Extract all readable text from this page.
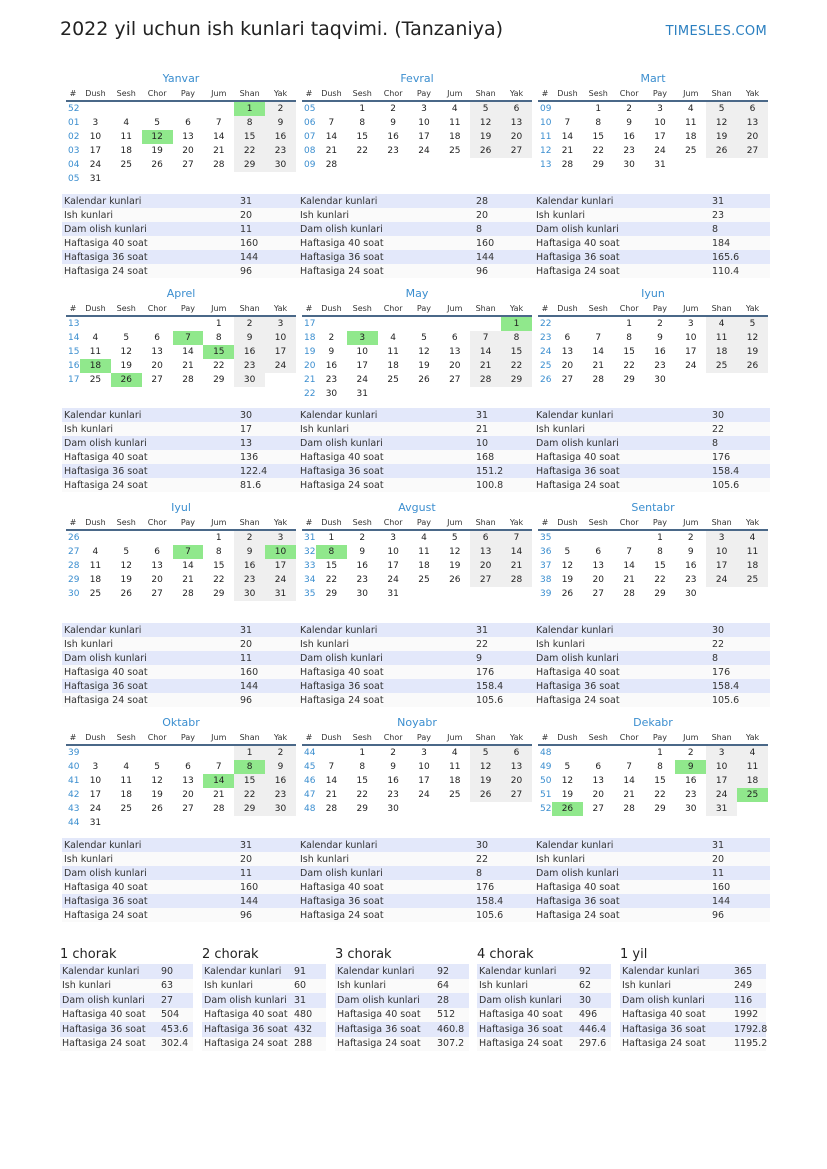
2022 yil uchun ish kunlari taqvimi. (Tanzaniya)	TIMESLES.COM
Yanvar
#	Dush	Sesh	Chor	Pay	Jum	Shan	Yak
52						1	2
01	3	4	5	6	7	8	9
02	10	11	12	13	14	15	16
03	17	18	19	20	21	22	23
04	24	25	26	27	28	29	30
05	31						
Kalendar kunlari	31
Ish kunlari	20
Dam olish kunlari	11
Haftasiga 40 soat	160
Haftasiga 36 soat	144
Haftasiga 24 soat	96
Fevral
#	Dush	Sesh	Chor	Pay	Jum	Shan	Yak
05		1	2	3	4	5	6
06	7	8	9	10	11	12	13
07	14	15	16	17	18	19	20
08	21	22	23	24	25	26	27
09	28						
Kalendar kunlari	28
Ish kunlari	20
Dam olish kunlari	8
Haftasiga 40 soat	160
Haftasiga 36 soat	144
Haftasiga 24 soat	96
Mart
#	Dush	Sesh	Chor	Pay	Jum	Shan	Yak
09		1	2	3	4	5	6
10	7	8	9	10	11	12	13
11	14	15	16	17	18	19	20
12	21	22	23	24	25	26	27
13	28	29	30	31			
Kalendar kunlari	31
Ish kunlari	23
Dam olish kunlari	8
Haftasiga 40 soat	184
Haftasiga 36 soat	165.6
Haftasiga 24 soat	110.4
Aprel
#	Dush	Sesh	Chor	Pay	Jum	Shan	Yak
13					1	2	3
14	4	5	6	7	8	9	10
15	11	12	13	14	15	16	17
16	18	19	20	21	22	23	24
17	25	26	27	28	29	30	
Kalendar kunlari	30
Ish kunlari	17
Dam olish kunlari	13
Haftasiga 40 soat	136
Haftasiga 36 soat	122.4
Haftasiga 24 soat	81.6
May
#	Dush	Sesh	Chor	Pay	Jum	Shan	Yak
17							1
18	2	3	4	5	6	7	8
19	9	10	11	12	13	14	15
20	16	17	18	19	20	21	22
21	23	24	25	26	27	28	29
22	30	31					
Kalendar kunlari	31
Ish kunlari	21
Dam olish kunlari	10
Haftasiga 40 soat	168
Haftasiga 36 soat	151.2
Haftasiga 24 soat	100.8
Iyun
#	Dush	Sesh	Chor	Pay	Jum	Shan	Yak
22			1	2	3	4	5
23	6	7	8	9	10	11	12
24	13	14	15	16	17	18	19
25	20	21	22	23	24	25	26
26	27	28	29	30			
Kalendar kunlari	30
Ish kunlari	22
Dam olish kunlari	8
Haftasiga 40 soat	176
Haftasiga 36 soat	158.4
Haftasiga 24 soat	105.6
Iyul
#	Dush	Sesh	Chor	Pay	Jum	Shan	Yak
26					1	2	3
27	4	5	6	7	8	9	10
28	11	12	13	14	15	16	17
29	18	19	20	21	22	23	24
30	25	26	27	28	29	30	31
Kalendar kunlari	31
Ish kunlari	20
Dam olish kunlari	11
Haftasiga 40 soat	160
Haftasiga 36 soat	144
Haftasiga 24 soat	96
Avgust
#	Dush	Sesh	Chor	Pay	Jum	Shan	Yak
31	1	2	3	4	5	6	7
32	8	9	10	11	12	13	14
33	15	16	17	18	19	20	21
34	22	23	24	25	26	27	28
35	29	30	31				
Kalendar kunlari	31
Ish kunlari	22
Dam olish kunlari	9
Haftasiga 40 soat	176
Haftasiga 36 soat	158.4
Haftasiga 24 soat	105.6
Sentabr
#	Dush	Sesh	Chor	Pay	Jum	Shan	Yak
35				1	2	3	4
36	5	6	7	8	9	10	11
37	12	13	14	15	16	17	18
38	19	20	21	22	23	24	25
39	26	27	28	29	30		
Kalendar kunlari	30
Ish kunlari	22
Dam olish kunlari	8
Haftasiga 40 soat	176
Haftasiga 36 soat	158.4
Haftasiga 24 soat	105.6
Oktabr
#	Dush	Sesh	Chor	Pay	Jum	Shan	Yak
39						1	2
40	3	4	5	6	7	8	9
41	10	11	12	13	14	15	16
42	17	18	19	20	21	22	23
43	24	25	26	27	28	29	30
44	31						
Kalendar kunlari	31
Ish kunlari	20
Dam olish kunlari	11
Haftasiga 40 soat	160
Haftasiga 36 soat	144
Haftasiga 24 soat	96
Noyabr
#	Dush	Sesh	Chor	Pay	Jum	Shan	Yak
44		1	2	3	4	5	6
45	7	8	9	10	11	12	13
46	14	15	16	17	18	19	20
47	21	22	23	24	25	26	27
48	28	29	30				
Kalendar kunlari	30
Ish kunlari	22
Dam olish kunlari	8
Haftasiga 40 soat	176
Haftasiga 36 soat	158.4
Haftasiga 24 soat	105.6
Dekabr
#	Dush	Sesh	Chor	Pay	Jum	Shan	Yak
48				1	2	3	4
49	5	6	7	8	9	10	11
50	12	13	14	15	16	17	18
51	19	20	21	22	23	24	25
52	26	27	28	29	30	31	
Kalendar kunlari	31
Ish kunlari	20
Dam olish kunlari	11
Haftasiga 40 soat	160
Haftasiga 36 soat	144
Haftasiga 24 soat	96
1 chorak
Kalendar kunlari	90
Ish kunlari	63
Dam olish kunlari	27
Haftasiga 40 soat	504
Haftasiga 36 soat	453.6
Haftasiga 24 soat	302.4
2 chorak
Kalendar kunlari	91
Ish kunlari	60
Dam olish kunlari	31
Haftasiga 40 soat	480
Haftasiga 36 soat	432
Haftasiga 24 soat	288
3 chorak
Kalendar kunlari	92
Ish kunlari	64
Dam olish kunlari	28
Haftasiga 40 soat	512
Haftasiga 36 soat	460.8
Haftasiga 24 soat	307.2
4 chorak
Kalendar kunlari	92
Ish kunlari	62
Dam olish kunlari	30
Haftasiga 40 soat	496
Haftasiga 36 soat	446.4
Haftasiga 24 soat	297.6
1 yil
Kalendar kunlari	365
Ish kunlari	249
Dam olish kunlari	116
Haftasiga 40 soat	1992
Haftasiga 36 soat	1792.8
Haftasiga 24 soat	1195.2
